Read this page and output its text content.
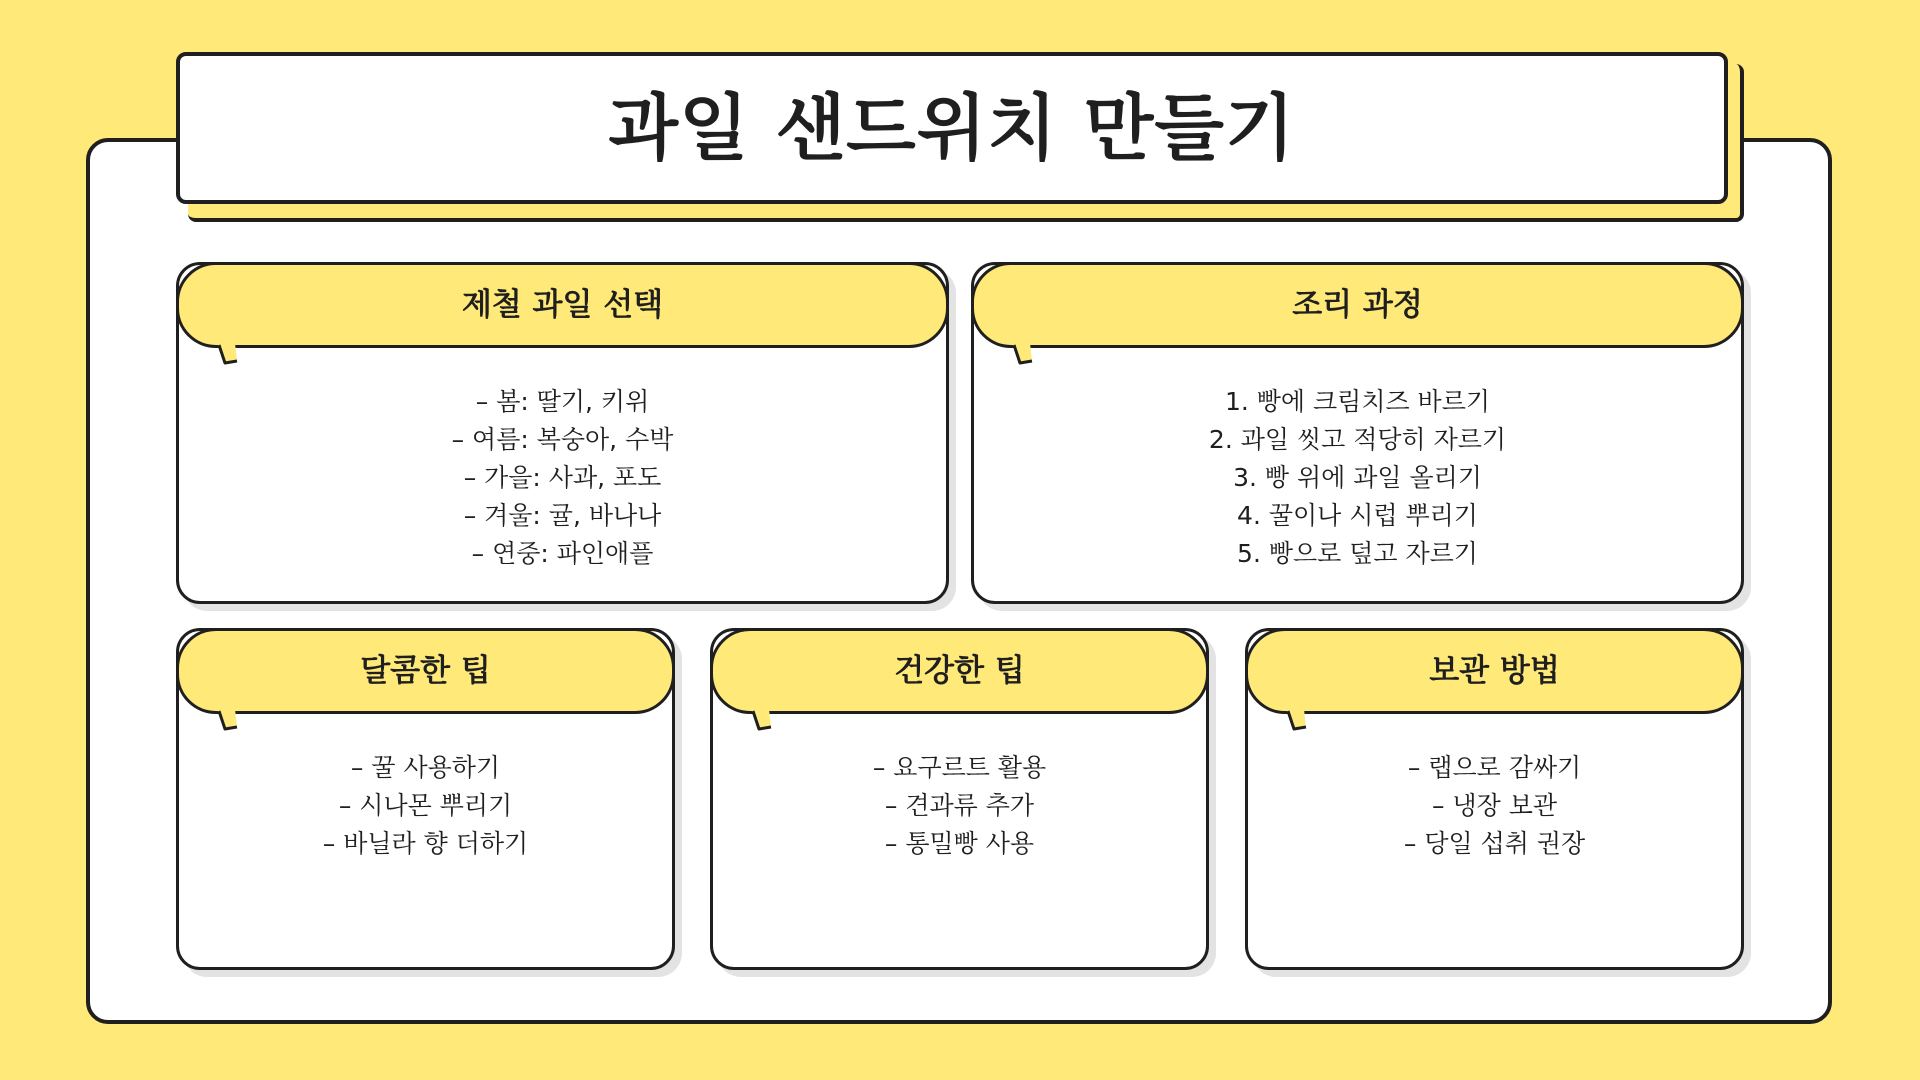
과일 샌드위치 만들기
제철 과일 선택
– 봄: 딸기, 키위
– 여름: 복숭아, 수박
– 가을: 사과, 포도
– 겨울: 귤, 바나나
– 연중: 파인애플
조리 과정
1. 빵에 크림치즈 바르기
2. 과일 씻고 적당히 자르기
3. 빵 위에 과일 올리기
4. 꿀이나 시럽 뿌리기
5. 빵으로 덮고 자르기
달콤한 팁
– 꿀 사용하기
– 시나몬 뿌리기
– 바닐라 향 더하기
건강한 팁
– 요구르트 활용
– 견과류 추가
– 통밀빵 사용
보관 방법
– 랩으로 감싸기
– 냉장 보관
– 당일 섭취 권장
